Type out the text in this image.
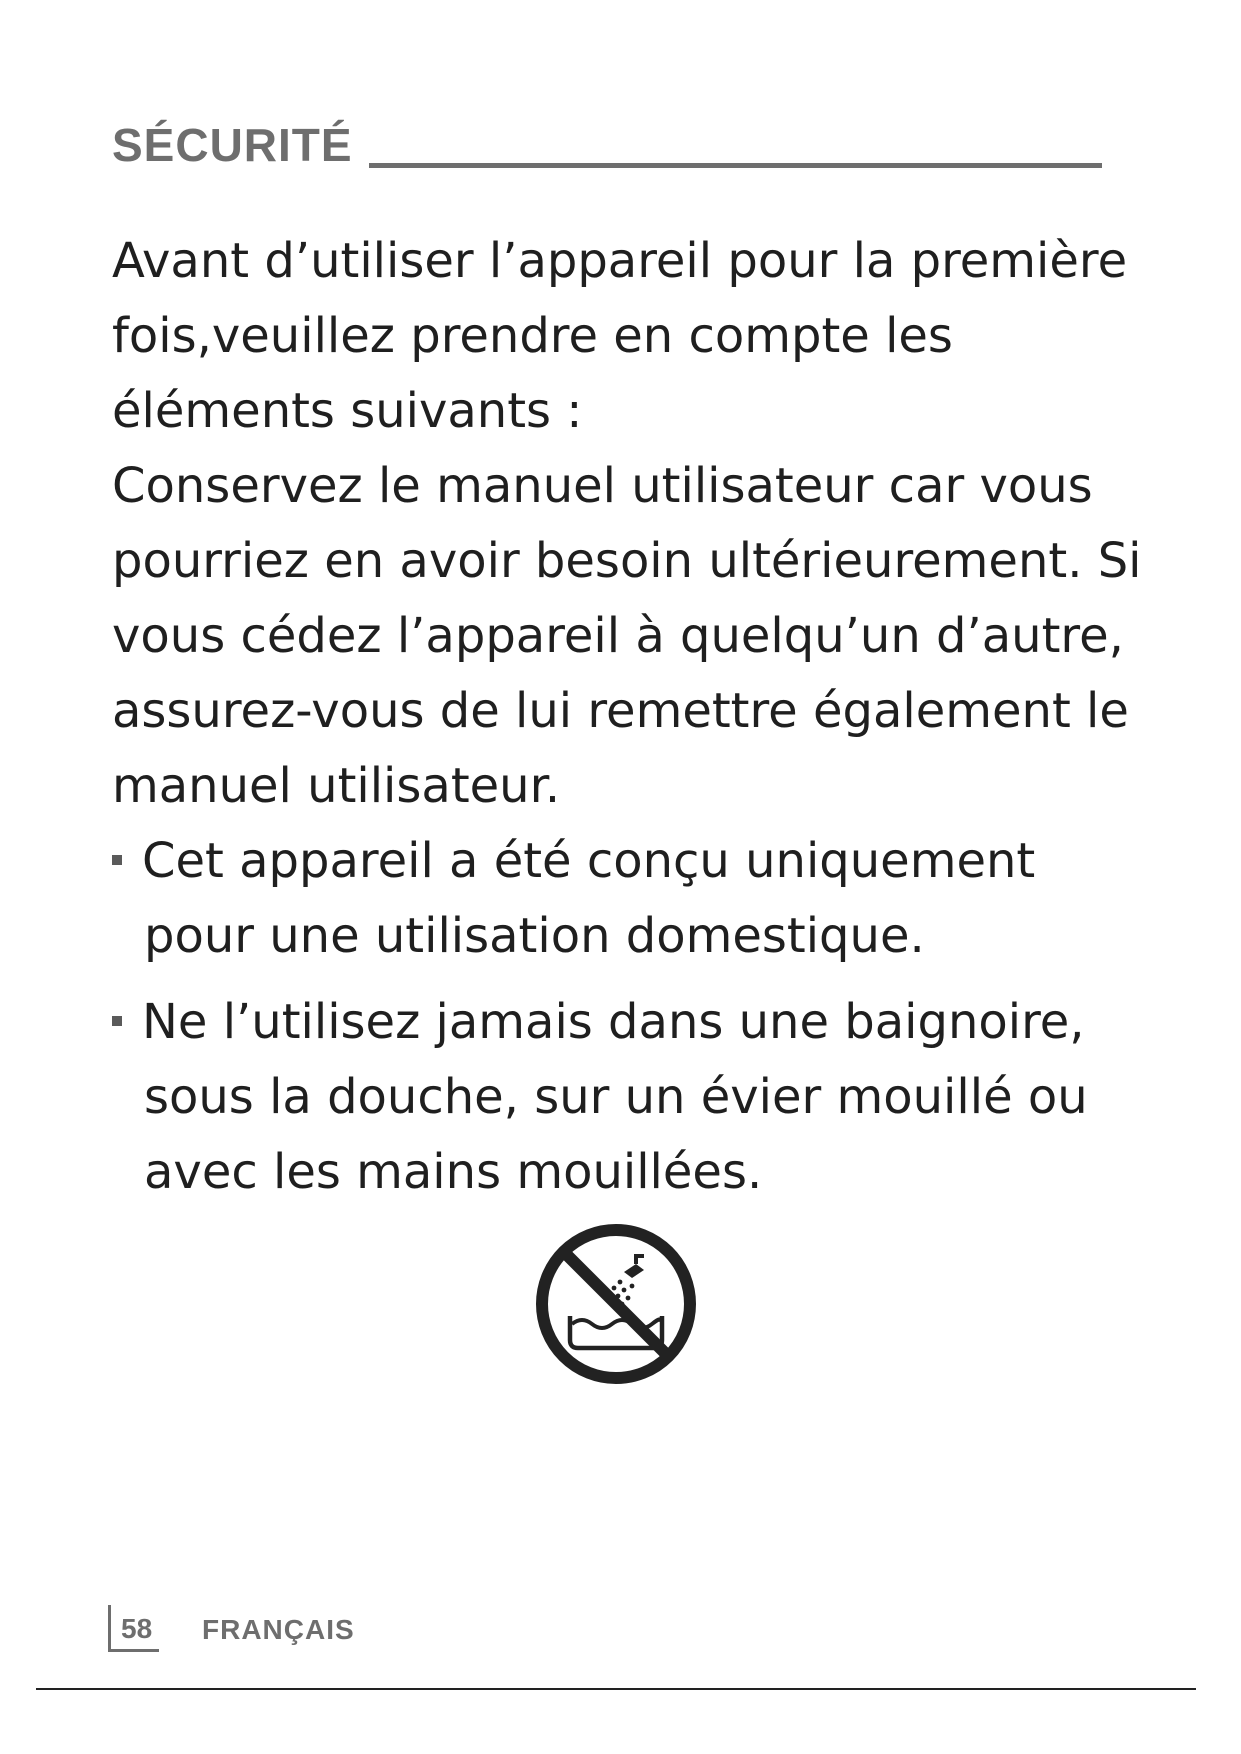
SÉCURITÉ

Avant d’utiliser l’appareil pour la première
fois,veuillez prendre en compte les
éléments suivants :

Conservez le manuel utilisateur car vous
pourriez en avoir besoin ultérieurement. Si
vous cédez l’appareil à quelqu’un d’autre,
assurez-vous de lui remettre également le
manuel utilisateur.

Cet appareil a été conçu uniquement
pour une utilisation domestique.
Ne l’utilisez jamais dans une baignoire,
sous la douche, sur un évier mouillé ou
avec les mains mouillées.
58 FRANÇAIS
